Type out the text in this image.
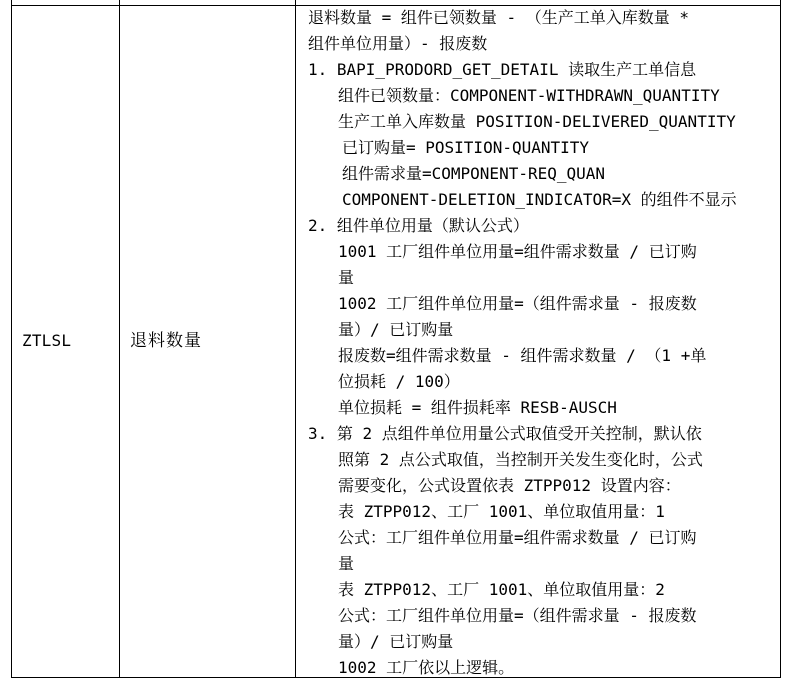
ZTLSL	退料数量
退料数量 = 组件已领数量 - （生产工单入库数量 *
组件单位用量）- 报废数
1. BAPI_PRODORD_GET_DETAIL 读取生产工单信息
组件已领数量：COMPONENT-WITHDRAWN_QUANTITY
生产工单入库数量 POSITION-DELIVERED_QUANTITY
已订购量= POSITION-QUANTITY
组件需求量=COMPONENT-REQ_QUAN
COMPONENT-DELETION_INDICATOR=X 的组件不显示
2. 组件单位用量（默认公式）
1001 工厂组件单位用量=组件需求数量 / 已订购
量
1002 工厂组件单位用量=（组件需求量 - 报废数
量）/ 已订购量
报废数=组件需求数量 - 组件需求数量 / （1 +单
位损耗 / 100）
单位损耗 = 组件损耗率 RESB-AUSCH
3. 第 2 点组件单位用量公式取值受开关控制，默认依
照第 2 点公式取值，当控制开关发生变化时，公式
需要变化，公式设置依表 ZTPP012 设置内容：
表 ZTPP012、工厂 1001、单位取值用量：1
公式：工厂组件单位用量=组件需求数量 / 已订购
量
表 ZTPP012、工厂 1001、单位取值用量：2
公式：工厂组件单位用量=（组件需求量 - 报废数
量）/ 已订购量
1002 工厂依以上逻辑。
